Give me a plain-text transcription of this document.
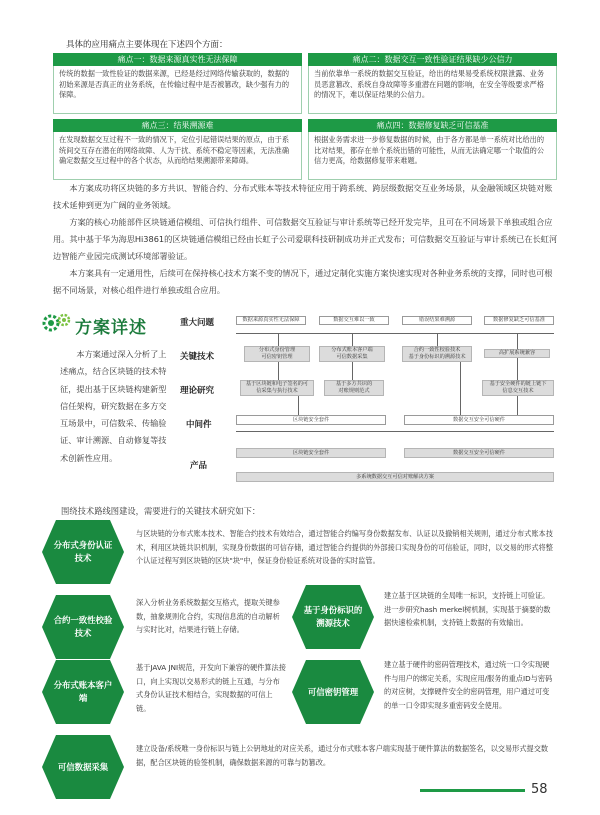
具体的应用痛点主要体现在下述四个方面：
痛点一：数据来源真实性无法保障
传统的数据一致性验证的数据来源，已经是经过网络传输获取的，数据的初始来源是否真正的业务系统，在传输过程中是否被篡改，缺少强有力的保障。
痛点二：数据交互一致性验证结果缺少公信力
当前依靠单一系统的数据交互验证，给出的结果易受系统权限泄露、业务员恶意篡改、系统自身故障等多重潜在问题的影响，在安全等级要求严格的情况下，难以保证结果的公信力。
痛点三：结果溯源难
在发现数据交互过程不一致的情况下，定位引起错误结果的原点，由于系统间交互存在潜在的网络故障、人为干扰、系统不稳定等因素，无法准确确定数据交互过程中的各个状态，从而给结果溯源带来障碍。
痛点四：数据修复缺乏可信基准
根据业务需求进一步修复数据的时候，由于各方都是单一系统对比给出的比对结果，都存在单个系统出错的可能性，从而无法确定哪一个取值的公信力更高，给数据修复带来难题。
本方案成功将区块链的多方共识、智能合约、分布式账本等技术特征应用于跨系统、跨层级数据交互业务场景，从金融领域区块链对账技术延伸到更为广阔的业务领域。
方案的核心功能部件区块链通信模组、可信执行组件、可信数据交互验证与审计系统等已经开发完毕，且可在不同场景下单独或组合应用。其中基于华为海思Hi3861的区块链通信模组已经由长虹子公司爱联科技研制成功并正式发布；可信数据交互验证与审计系统已在长虹河边智能产业园完成测试环境部署验证。
本方案具有一定通用性，后续可在保持核心技术方案不变的情况下，通过定制化实施方案快速实现对各种业务系统的支撑，同时也可根据不同场景，对核心组件进行单独或组合应用。
方案详述
本方案通过深入分析了上述痛点，结合区块链的技术特征，提出基于区块链构建新型信任架构，研究数据在多方交互场景中，可信数采、传输验证、审计溯源、自动修复等技术创新性应用。
重大问题
关键技术
理论研究
中间件
产品
数据来源真实性无法保障	数据交互难以一致	错误结果难溯源	数据修复缺乏可信基准
分布式身份管理
可信密钥管理
分布式账本客户端
可信数据采集
合约一致性校验技术
基于身份标识的溯源技术
高扩展系统兼容
基于区块链和电子签名的可
信采集与执行技术
基于多方共识的
对账规则范式
基于安全硬件的链上链下
信息交互技术
区块链安全套件	数据交互安全可信硬件
区块链安全套件	数据交互安全可信硬件
多系统数据交互可信对账解决方案
围绕技术路线图建设，需要进行的关键技术研究如下：
分布式身份认证技术
与区块链的分布式账本技术、智能合约技术有效结合，通过智能合约编写身份数据发布、认证以及撤销相关规则，通过分布式账本技术，利用区块链共识机制，实现身份数据的可信存储，通过智能合约提供的外部接口实现身份的可信验证，同时，以交易的形式将整个认证过程写到区块链的区块"块"中，保证身份验证系统对设备的实时监管。
合约一致性校验技术
深入分析业务系统数据交互格式，提取关键参数，抽象规则化合约，实现信息流的自动解析与实时比对，结果进行链上存储。
基于身份标识的溯源技术
建立基于区块链的全局唯一标识，支持链上可验证。进一步研究hash merkel树机制，实现基于摘要的数据快速检索机制，支持链上数据的有效输出。
分布式账本客户端
基于JAVA JNI规范，开发向下兼容的硬件算法接口，向上实现以交易形式的链上互通，与分布式身份认证技术相结合，实现数据的可信上链。
可信密钥管理
建立基于硬件的密码管理技术，通过统一口令实现硬件与用户的绑定关系，实现应用/服务的重点ID与密码的对应树，支撑硬件安全的密码管理，用户通过可变的单一口令即实现多重密码安全使用。
可信数据采集
建立设备/系统唯一身份标识与链上公钥地址的对应关系，通过分布式账本客户端实现基于硬件算法的数据签名，以交易形式提交数据，配合区块链的验签机制，确保数据来源的可靠与防篡改。
58
